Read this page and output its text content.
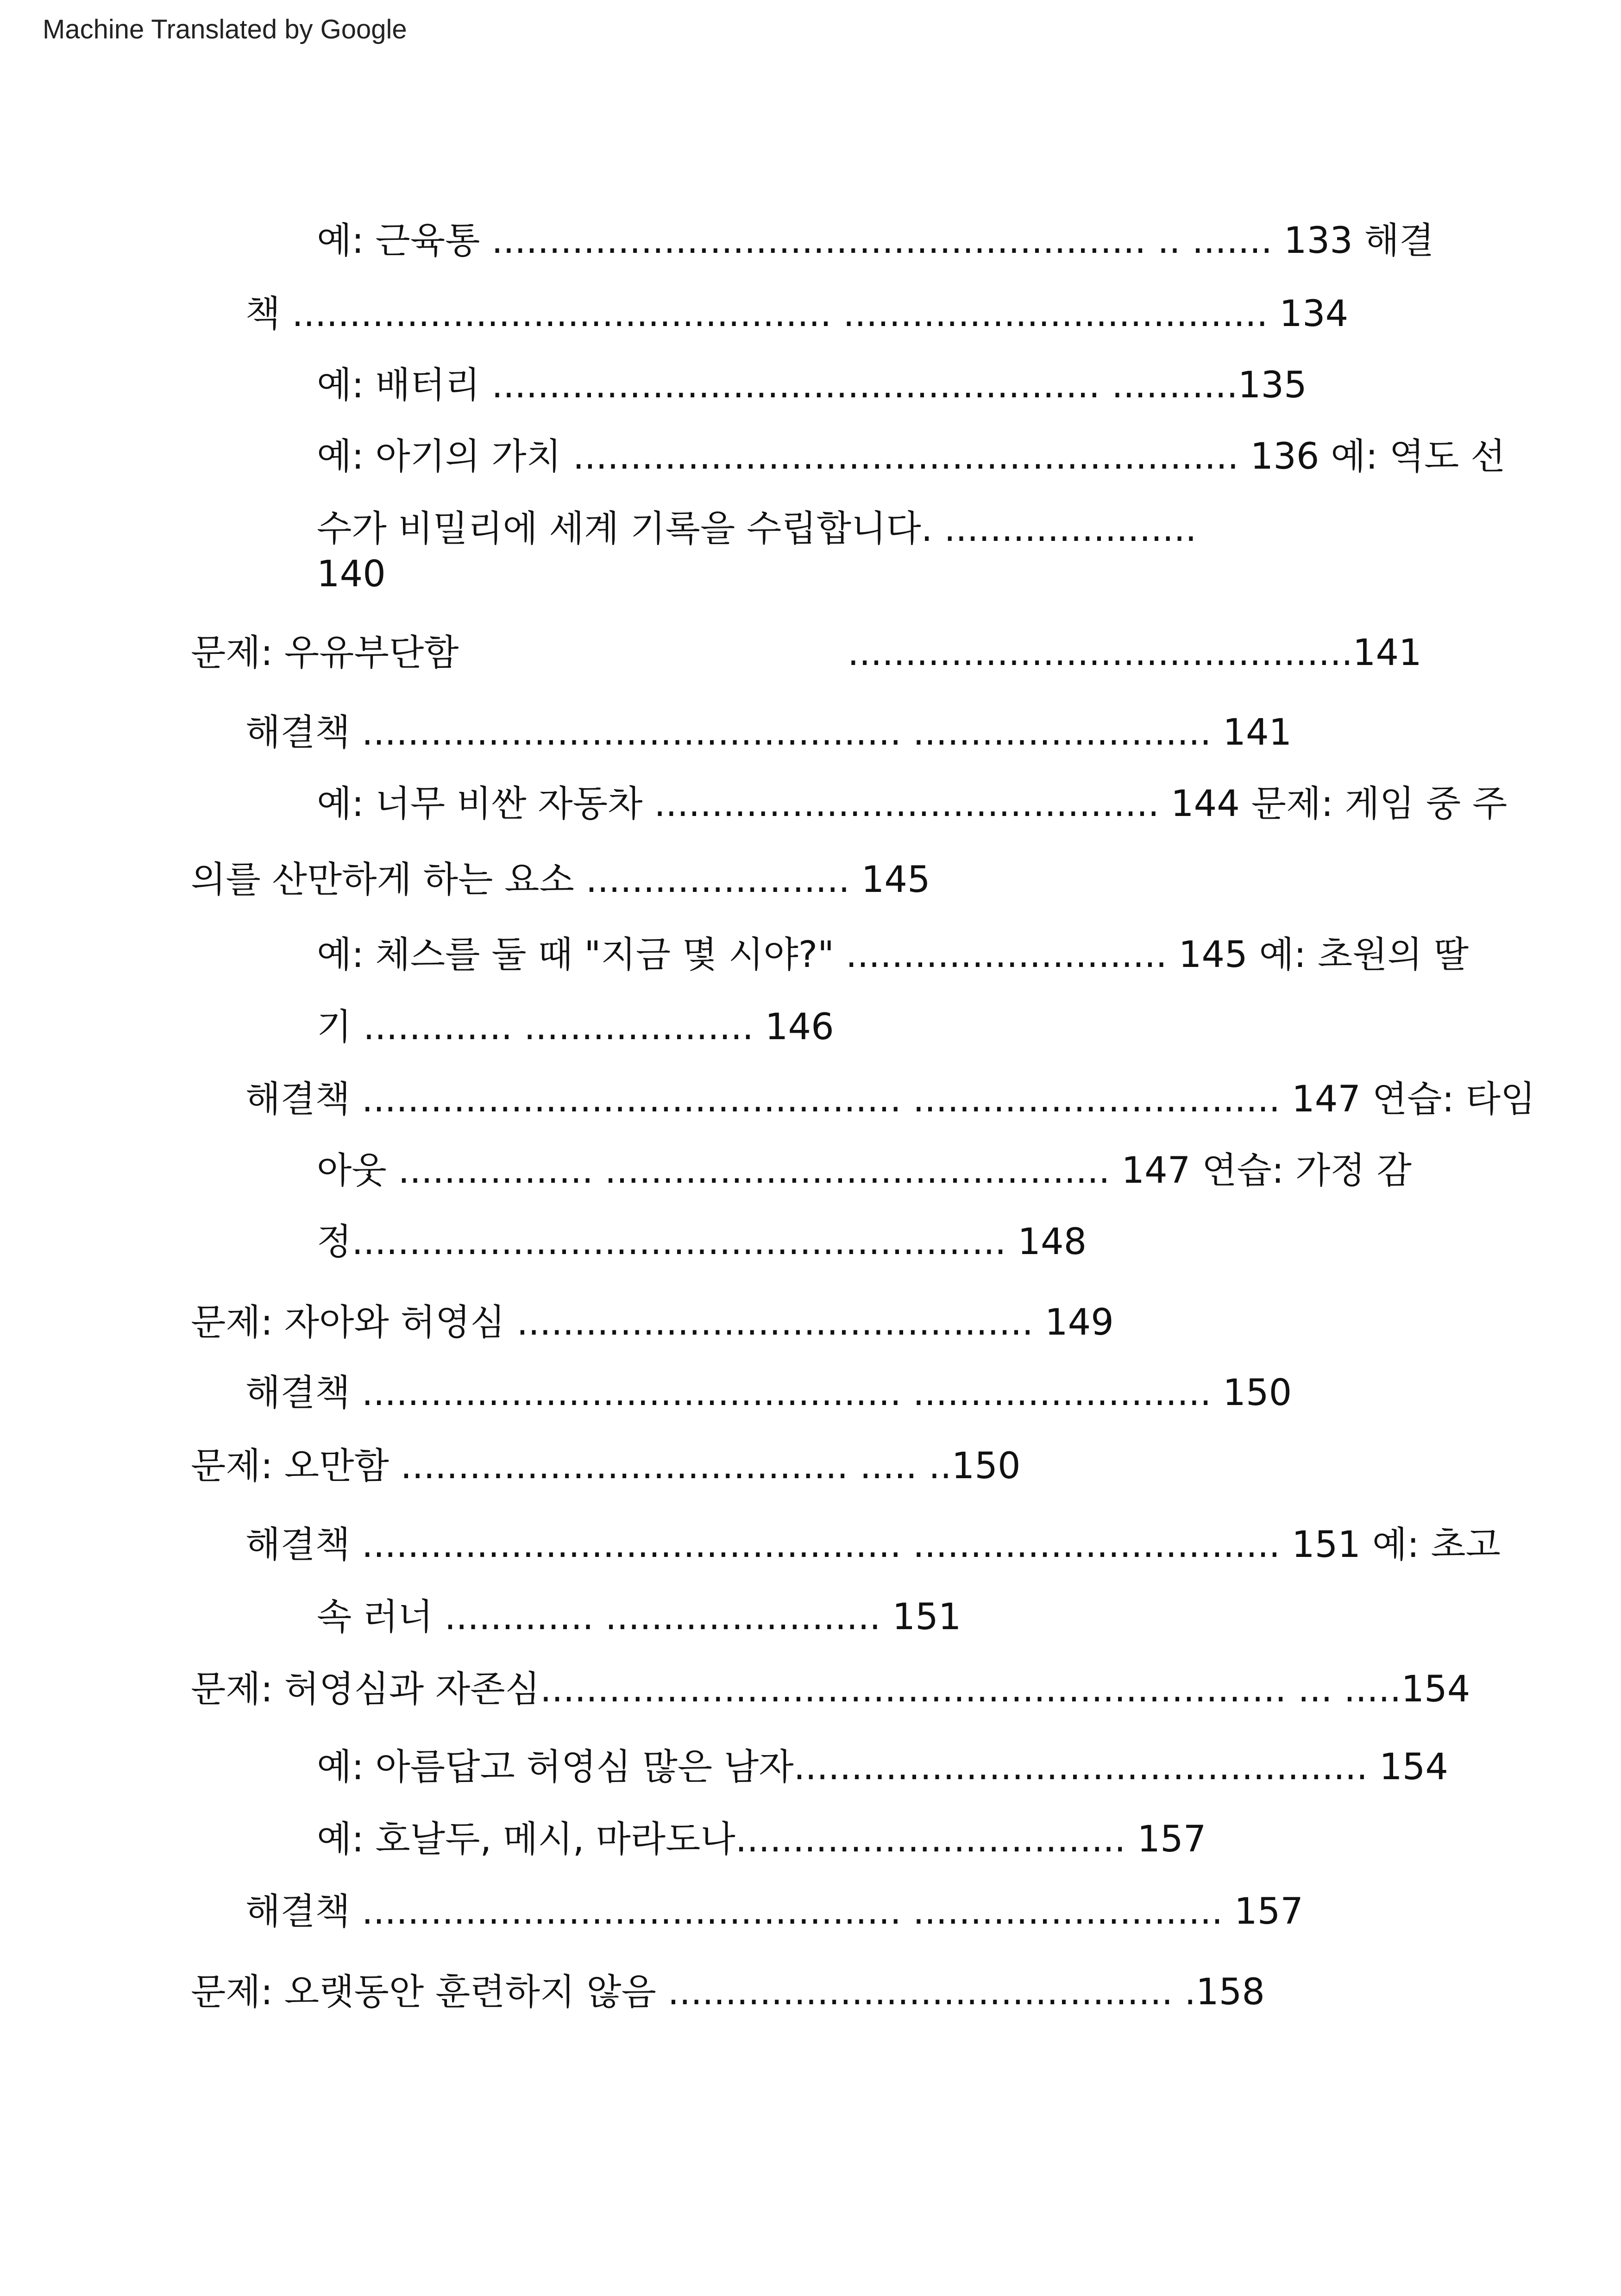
Machine Translated by Google
예: 근육통 ......................................................... .. ....... 133 해결
책 ............................................... ..................................... 134
예: 배터리 ..................................................... ...........135
예: 아기의 가치 .......................................................... 136 예: 역도 선
수가 비밀리에 세계 기록을 수립합니다. ......................
140
문제: 우유부단함	............................................141
해결책 ............................................... .......................... 141
예: 너무 비싼 자동차 ............................................ 144 문제: 게임 중 주
의를 산만하게 하는 요소 ....................... 145
예: 체스를 둘 때 "지금 몇 시야?" ............................ 145 예: 초원의 딸
기 ............. .................... 146
해결책 ............................................... ................................ 147 연습: 타임
아웃 ................. ............................................ 147 연습: 가정 감
정......................................................... 148
문제: 자아와 허영심 ............................................. 149
해결책 ............................................... .......................... 150
문제: 오만함 ....................................... ..... ..150
해결책 ............................................... ................................ 151 예: 초고
속 러너 ............. ........................ 151
문제: 허영심과 자존심................................................................. ... .....154
예: 아름답고 허영심 많은 남자.................................................. 154
예: 호날두, 메시, 마라도나.................................. 157
해결책 ............................................... ........................... 157
문제: 오랫동안 훈련하지 않음 ............................................ .158
